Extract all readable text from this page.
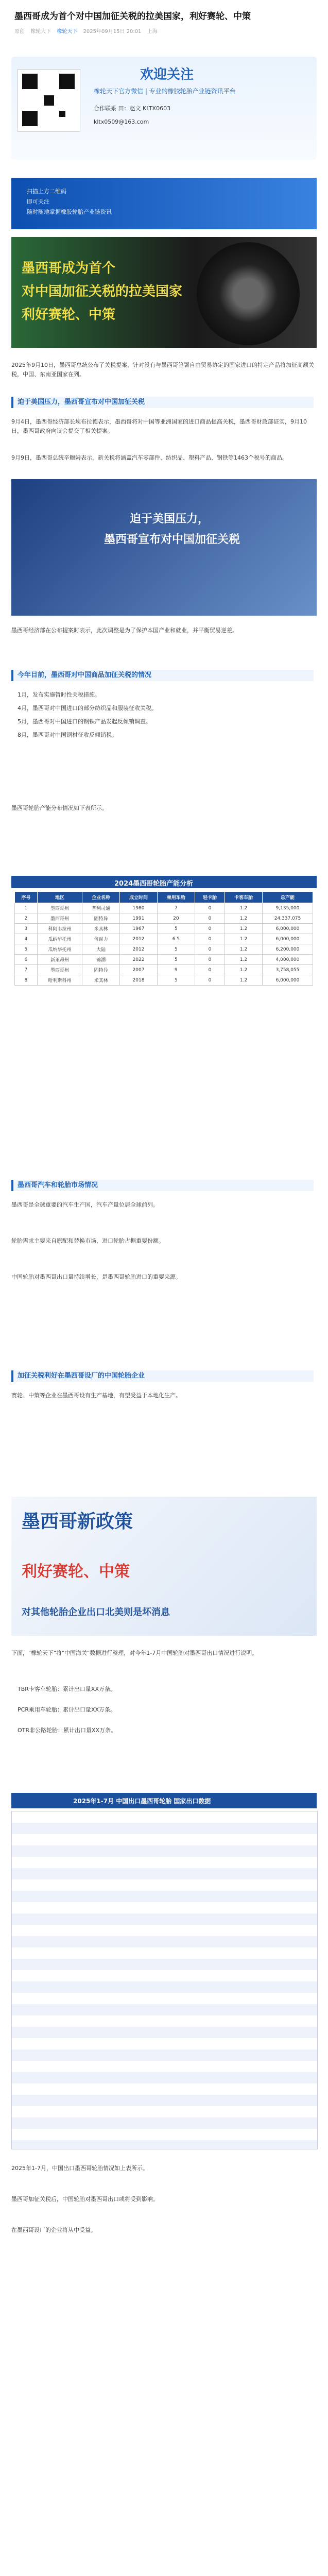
墨西哥成为首个对中国加征关税的拉美国家，利好赛轮、中策
原创 橡轮大下 橡轮天下 2025年09月15日 20:01 上海
欢迎关注
橡轮天下官方微信 | 专业的橡胶轮胎产业链资讯平台
合作联系 田：赵文 KLTX0603
kltx0509@163.com
扫描上方二维码
即可关注
随时随地掌握橡胶轮胎产业链资讯
墨西哥成为首个
对中国加征关税的拉美国家
利好赛轮、中策
2025年9月10日，墨西哥总统公布了关税提案，针对没有与墨西哥签署自由贸易协定的国家进口的特定产品将加征高额关税，中国、东南亚国家在列。
迫于美国压力，墨西哥宣布对中国加征关税
9月4日，墨西哥经济部长埃布拉德表示，墨西哥将对中国等亚洲国家的进口商品提高关税，墨西哥财政部证实，9月10日，墨西哥政府向议会提交了相关提案。
9月9日，墨西哥总统辛鲍姆表示，新关税将涵盖汽车零部件、纺织品、塑料产品、钢铁等1463个税号的商品。
迫于美国压力，
墨西哥宣布对中国加征关税
墨西哥经济部在公布提案时表示，此次调整是为了保护本国产业和就业，并平衡贸易逆差。
今年目前，墨西哥对中国商品加征关税的情况
1月，发布实施暂时性关税措施。
4月，墨西哥对中国进口的部分纺织品和服装征收关税。
5月，墨西哥对中国进口的钢铁产品发起反倾销调查。
8月，墨西哥对中国钢材征收反倾销税。
墨西哥轮胎产能分布情况如下表所示。
2024墨西哥轮胎产能分析
序号	地区	企业名称	成立时间	乘用车胎	轻卡胎	卡客车胎	总产能
1	墨西哥州	普利司通	1980	7	0	1.2	9,135,000
2	墨西哥州	固特异	1991	20	0	1.2	24,337,075
3	科阿韦拉州	米其林	1967	5	0	1.2	6,000,000
4	瓜纳华托州	倍耐力	2012	6.5	0	1.2	6,000,000
5	瓜纳华托州	大陆	2012	5	0	1.2	6,200,000
6	新莱昂州	锦湖	2022	5	0	1.2	4,000,000
7	墨西哥州	固特异	2007	9	0	1.2	3,758,055
8	哈利斯科州	米其林	2018	5	0	1.2	6,000,000
墨西哥汽车和轮胎市场情况
墨西哥是全球重要的汽车生产国，汽车产量位居全球前列。
轮胎需求主要来自原配和替换市场，进口轮胎占据重要份额。
中国轮胎对墨西哥出口量持续增长，是墨西哥轮胎进口的重要来源。
加征关税利好在墨西哥设厂的中国轮胎企业
赛轮、中策等企业在墨西哥设有生产基地，有望受益于本地化生产。
墨西哥新政策
利好赛轮、中策
对其他轮胎企业出口北美则是坏消息
下面，"橡轮天下"将"中国海关"数据进行整理，对今年1-7月中国轮胎对墨西哥出口情况进行说明。
TBR卡客车轮胎：累计出口量XX万条。
PCR乘用车轮胎：累计出口量XX万条。
OTR非公路轮胎：累计出口量XX万条。
2025年1-7月 中国出口墨西哥轮胎 国家出口数据
2025年1-7月，中国出口墨西哥轮胎情况如上表所示。
墨西哥加征关税后，中国轮胎对墨西哥出口或将受到影响。
在墨西哥设厂的企业将从中受益。
